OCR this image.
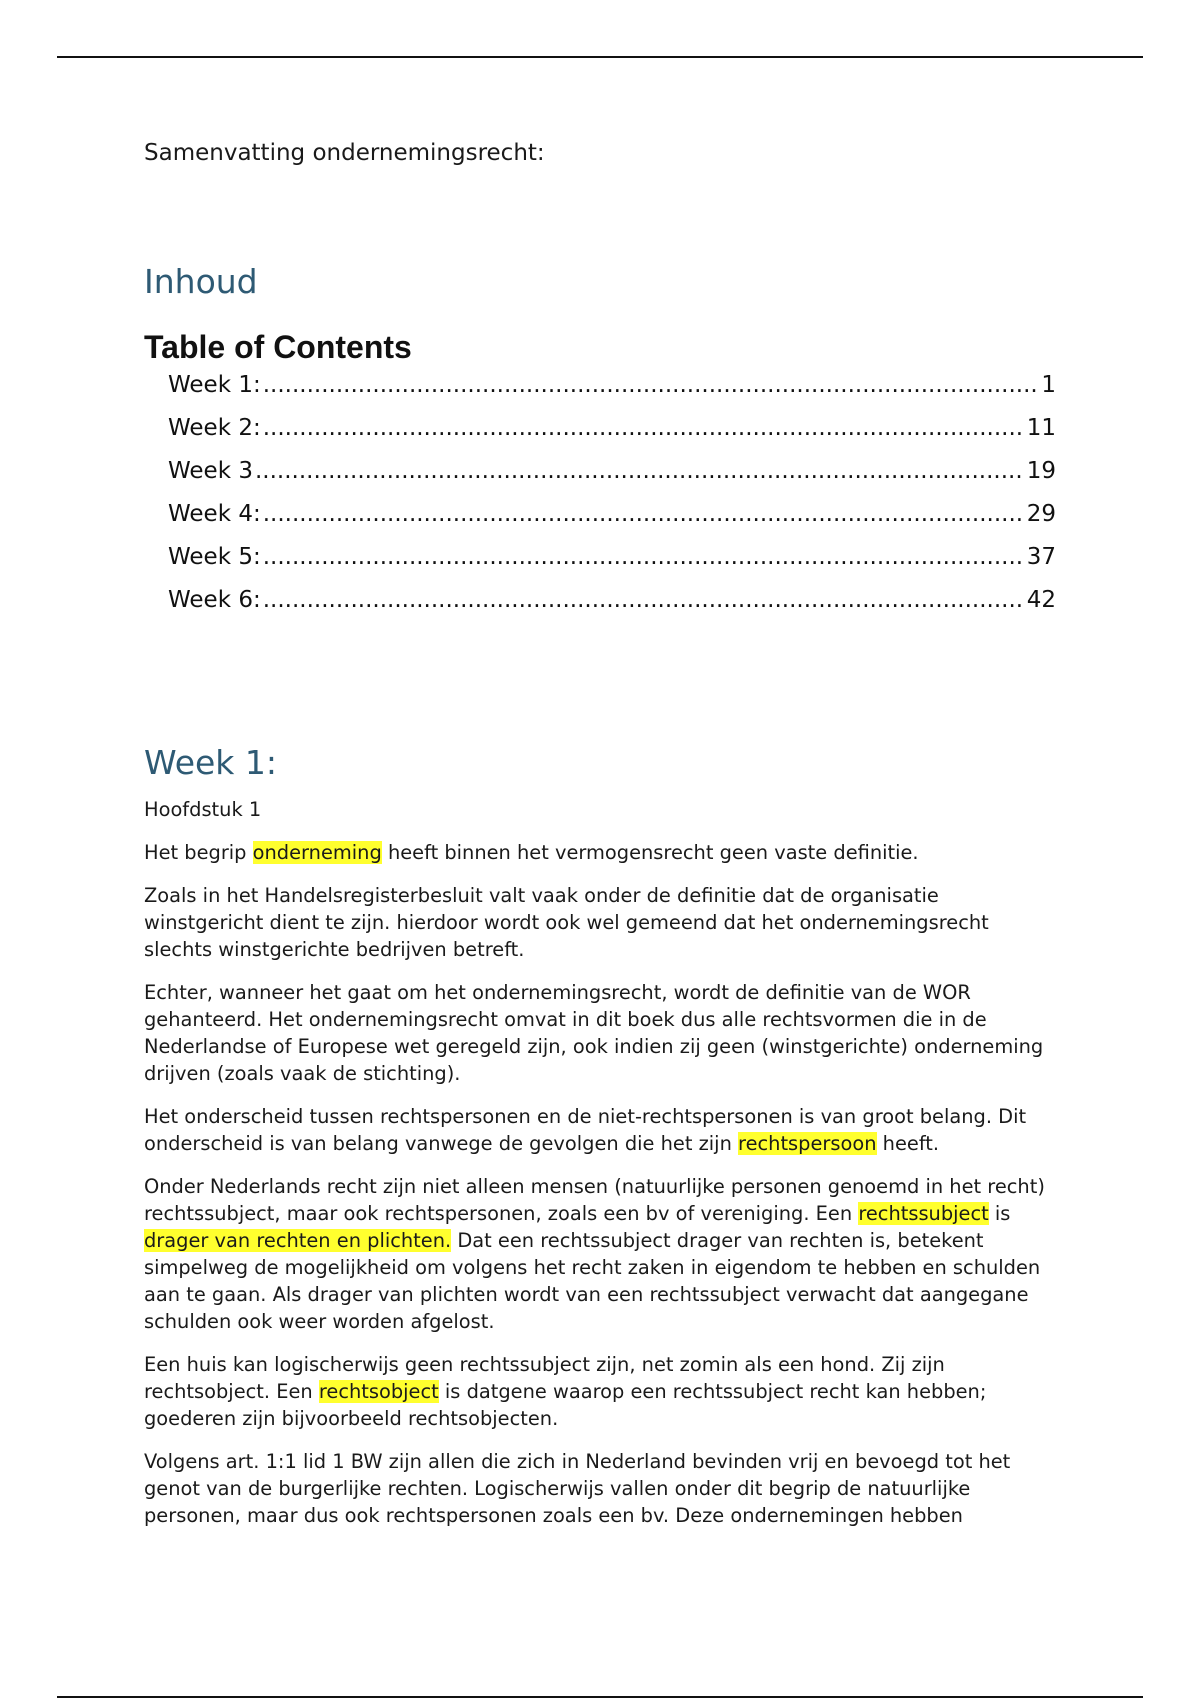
Samenvatting ondernemingsrecht:
Inhoud
Table of Contents
Week 1: .....	1
Week 2: .....	11
Week 3 .....	19
Week 4: .....	29
Week 5: .....	37
Week 6: .....	42
Week 1:

Hoofdstuk 1

Het begrip onderneming heeft binnen het vermogensrecht geen vaste definitie.

Zoals in het Handelsregisterbesluit valt vaak onder de definitie dat de organisatie winstgericht dient te zijn. hierdoor wordt ook wel gemeend dat het ondernemingsrecht slechts winstgerichte bedrijven betreft.

Echter, wanneer het gaat om het ondernemingsrecht, wordt de definitie van de WOR gehanteerd. Het ondernemingsrecht omvat in dit boek dus alle rechtsvormen die in de Nederlandse of Europese wet geregeld zijn, ook indien zij geen (winstgerichte) onderneming drijven (zoals vaak de stichting).

Het onderscheid tussen rechtspersonen en de niet-rechtspersonen is van groot belang. Dit onderscheid is van belang vanwege de gevolgen die het zijn rechtspersoon heeft.

Onder Nederlands recht zijn niet alleen mensen (natuurlijke personen genoemd in het recht) rechtssubject, maar ook rechtspersonen, zoals een bv of vereniging. Een rechtssubject is drager van rechten en plichten. Dat een rechtssubject drager van rechten is, betekent simpelweg de mogelijkheid om volgens het recht zaken in eigendom te hebben en schulden aan te gaan. Als drager van plichten wordt van een rechtssubject verwacht dat aangegane schulden ook weer worden afgelost.

Een huis kan logischerwijs geen rechtssubject zijn, net zomin als een hond. Zij zijn rechtsobject. Een rechtsobject is datgene waarop een rechtssubject recht kan hebben; goederen zijn bijvoorbeeld rechtsobjecten.

Volgens art. 1:1 lid 1 BW zijn allen die zich in Nederland bevinden vrij en bevoegd tot het genot van de burgerlijke rechten. Logischerwijs vallen onder dit begrip de natuurlijke personen, maar dus ook rechtspersonen zoals een bv. Deze ondernemingen hebben
